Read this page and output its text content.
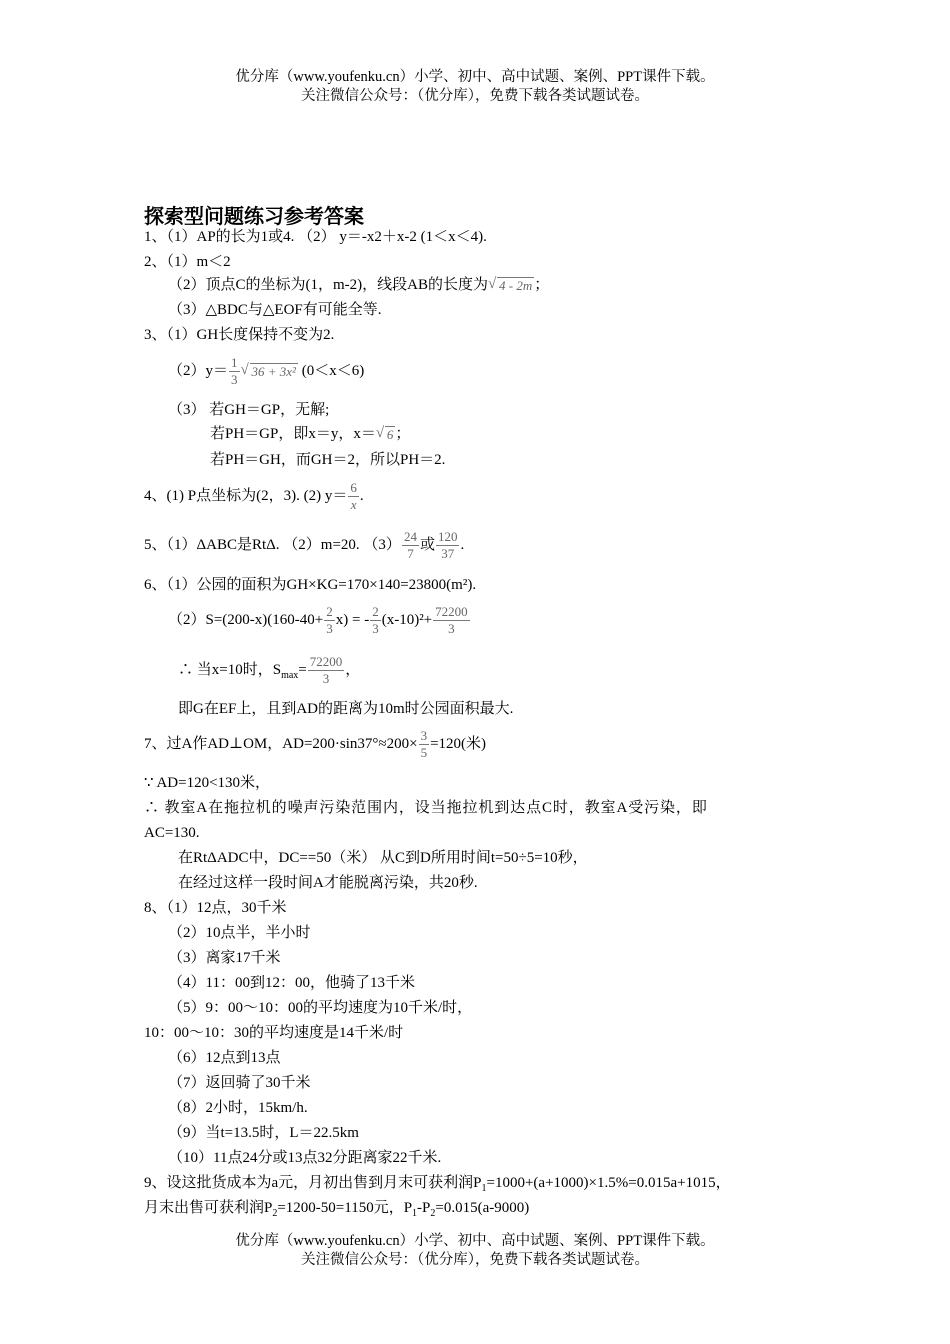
优分库（www.youfenku.cn）小学、初中、高中试题、案例、PPT课件下载。
关注微信公众号：（优分库），免费下载各类试题试卷。
探索型问题练习参考答案
1、（1）AP的长为1或4. （2） y＝-x2＋x-2 (1＜x＜4).
2、（1）m＜2
（2）顶点C的坐标为(1，m-2)，线段AB的长度为 √ 4 - 2m ；
（3）△BDC与△EOF有可能全等.
3、（1）GH长度保持不变为2.
$(2)y= \frac{1}{3}$ √ 36 + 3x² (0＜x＜6)
（3） 若GH＝GP，无解;
若PH＝GP，即x＝y，x＝ √ 6 ；
若PH＝GH，而GH＝2，所以PH＝2.
4、(1) P点坐标为(2，3). (2) $y= \frac{6}{x}$ .
5、（1）ΔABC是RtΔ. （2）m=20. $(3) \frac{24}{7}$ 或 $\frac{120}{37}$ .
6、（1）公园的面积为GH×KG=170×140=23800(m²).
$(2)S=(200-x)(160-40+ \frac{2}{3} x)$ = - $\frac{2}{3} (x-10)^2+ \frac{72200}{3}$
∴ 当x=10时，$S_{max}= \frac{72200}{3}$ ，
即G在EF上，且到AD的距离为10m时公园面积最大.
7、过A作AD⊥OM，$AD=200\cdot\sin 37^\circ\approx 200\times \frac{3}{5} =120$(米)
∵ AD=120<130米，
∴ 教室A在拖拉机的噪声污染范围内，设当拖拉机到达点C时，教室A受污染，即
AC=130.
在RtΔADC中，DC==50（米） 从C到D所用时间t=50÷5=10秒，
在经过这样一段时间A才能脱离污染，共20秒.
8、（1）12点，30千米
（2）10点半，半小时
（3）离家17千米
（4）11：00到12：00，他骑了13千米
（5）9：00～10：00的平均速度为10千米/时，
10：00～10：30的平均速度是14千米/时
（6）12点到13点
（7）返回骑了30千米
（8）2小时，15km/h.
（9）当t=13.5时，L＝22.5km
（10）11点24分或13点32分距离家22千米.
9、设这批货成本为a元，月初出售到月末可获利润$P_1=1000+(a+1000)\times 1.5\%=0.015a+1015$，
月末出售可获利润$P_2=1200-50=1150$元，$P_1-P_2=0.015(a-9000)$
优分库（www.youfenku.cn）小学、初中、高中试题、案例、PPT课件下载。
关注微信公众号：（优分库），免费下载各类试题试卷。
